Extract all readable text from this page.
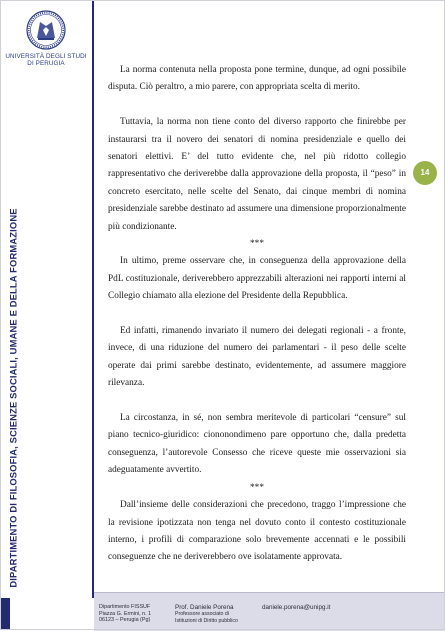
UNIVERSITÀ DEGLI STUDI
DI PERUGIA
DIPARTIMENTO DI FILOSOFIA, SCIENZE SOCIALI, UMANE E DELLA FORMAZIONE
14

La norma contenuta nella proposta pone termine, dunque, ad ogni possibile disputa. Ciò peraltro, a mio parere, con appropriata scelta di merito.

Tuttavia, la norma non tiene conto del diverso rapporto che finirebbe per instaurarsi tra il novero dei senatori di nomina presidenziale e quello dei senatori elettivi. E’ del tutto evidente che, nel più ridotto collegio rappresentativo che deriverebbe dalla approvazione della proposta, il “peso” in concreto esercitato, nelle scelte del Senato, dai cinque membri di nomina presidenziale sarebbe destinato ad assumere una dimensione proporzionalmente più condizionante.

***

In ultimo, preme osservare che, in conseguenza della approvazione della PdL costituzionale, deriverebbero apprezzabili alterazioni nei rapporti interni al Collegio chiamato alla elezione del Presidente della Repubblica.

Ed infatti, rimanendo invariato il numero dei delegati regionali - a fronte, invece, di una riduzione del numero dei parlamentari - il peso delle scelte operate dai primi sarebbe destinato, evidentemente, ad assumere maggiore rilevanza.

La circostanza, in sé, non sembra meritevole di particolari “censure” sul piano tecnico-giuridico: ciononondimeno pare opportuno che, dalla predetta conseguenza, l’autorevole Consesso che riceve queste mie osservazioni sia adeguatamente avvertito.

***

Dall’insieme delle considerazioni che precedono, traggo l’impressione che la revisione ipotizzata non tenga nel dovuto conto il contesto costituzionale interno, i profili di comparazione solo brevemente accennati e le possibili conseguenze che ne deriverebbero ove isolatamente approvata.

Dipartimento FISSUF
Piazza G. Ermini, n. 1
06123 – Perugia (Pg)
Prof. Daniele Porena
Professore associato di
Istituzioni di Diritto pubblico
daniele.porena@unipg.it
